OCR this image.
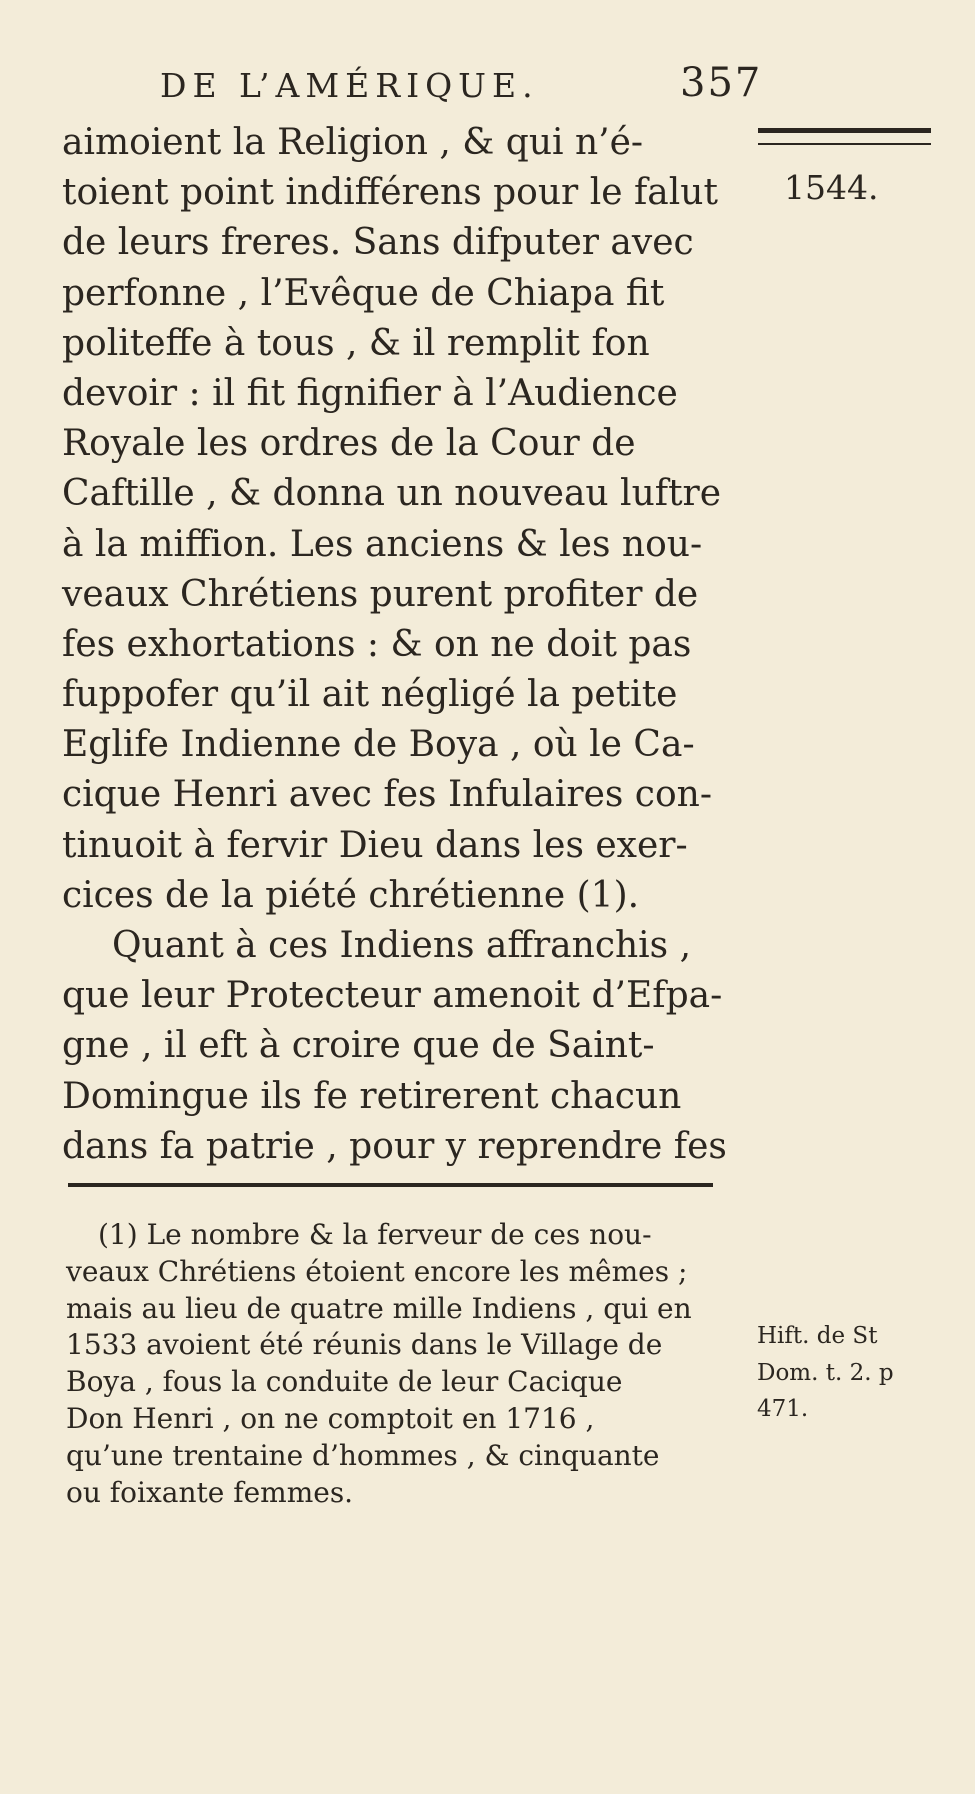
DE L’AMÉRIQUE.	357
1544.
aimoient la Religion , & qui n’é-
toient point indifférens pour le falut
de leurs freres. Sans difputer avec
perfonne , l’Evêque de Chiapa fit
politeffe à tous , & il remplit fon
devoir : il fit fignifier à l’Audience
Royale les ordres de la Cour de
Caftille , & donna un nouveau luftre
à la miffion. Les anciens & les nou-
veaux Chrétiens purent profiter de
fes exhortations : & on ne doit pas
fuppofer qu’il ait négligé la petite
Eglife Indienne de Boya , où le Ca-
cique Henri avec fes Infulaires con-
tinuoit à fervir Dieu dans les exer-
cices de la piété chrétienne (1).
Quant à ces Indiens affranchis ,
que leur Protecteur amenoit d’Efpa-
gne , il eft à croire que de Saint-
Domingue ils fe retirerent chacun
dans fa patrie , pour y reprendre fes
(1) Le nombre & la ferveur de ces nou-
veaux Chrétiens étoient encore les mêmes ;
mais au lieu de quatre mille Indiens , qui en
1533 avoient été réunis dans le Village de
Boya , fous la conduite de leur Cacique
Don Henri , on ne comptoit en 1716 ,
qu’une trentaine d’hommes , & cinquante
ou foixante femmes.
Hift. de St
Dom. t. 2. p
471.
